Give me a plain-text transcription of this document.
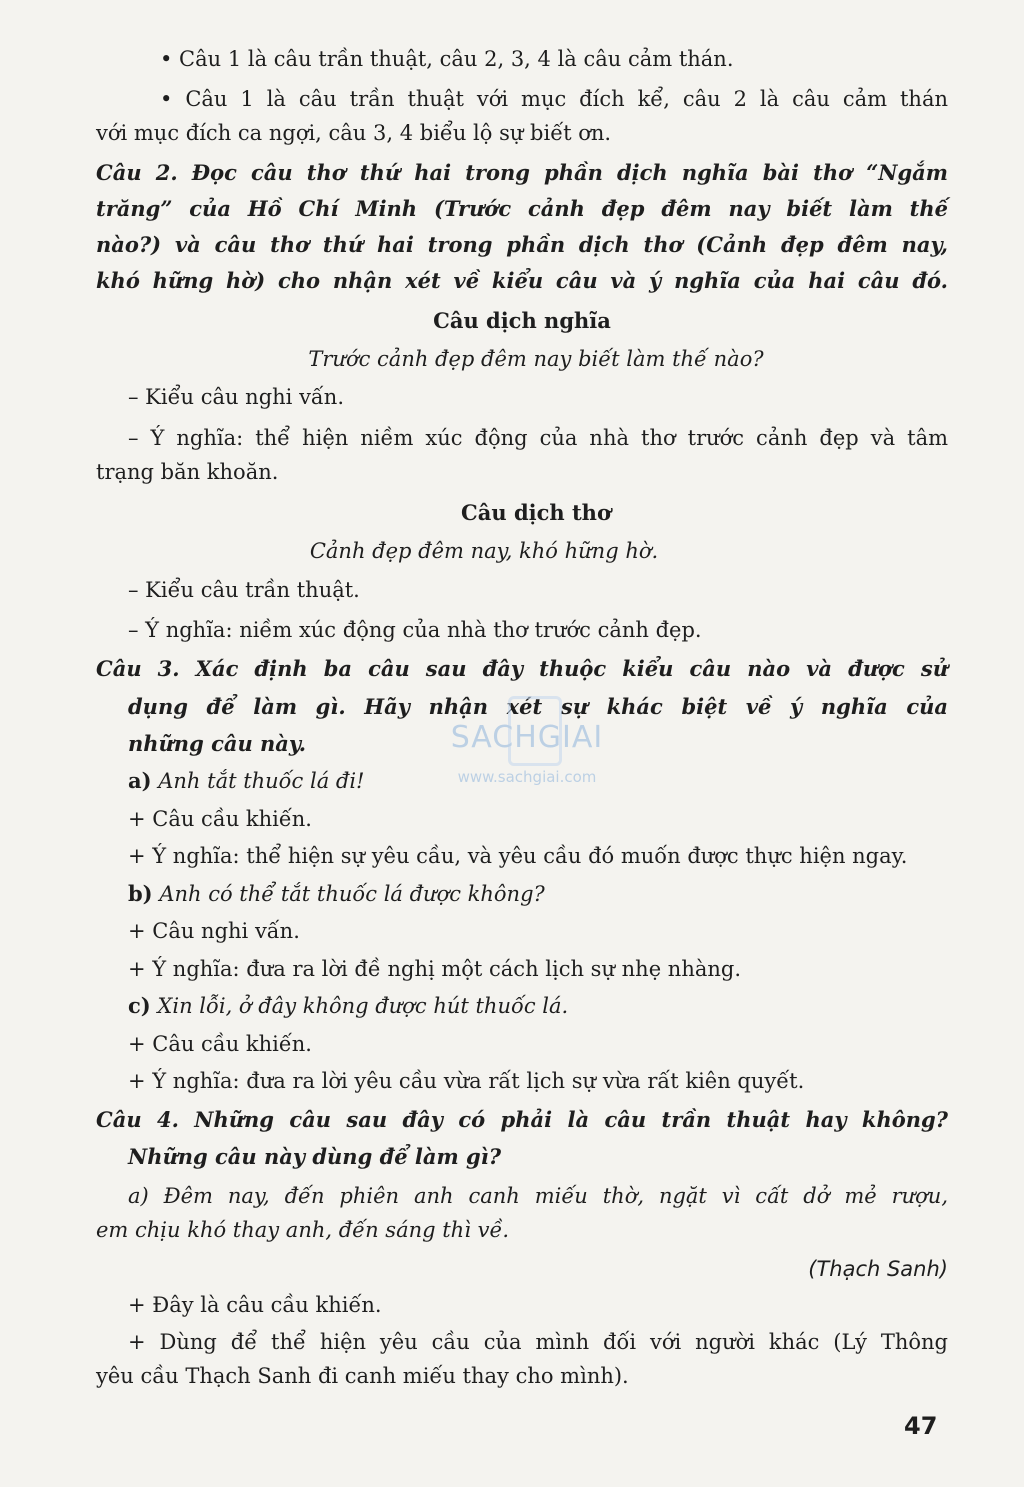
• Câu 1 là câu trần thuật, câu 2, 3, 4 là câu cảm thán.
• Câu 1 là câu trần thuật với mục đích kể, câu 2 là câu cảm thán
với mục đích ca ngợi, câu 3, 4 biểu lộ sự biết ơn.
Câu 2. Đọc câu thơ thứ hai trong phần dịch nghĩa bài thơ “Ngắm
trăng” của Hồ Chí Minh (Trước cảnh đẹp đêm nay biết làm thế
nào?) và câu thơ thứ hai trong phần dịch thơ (Cảnh đẹp đêm nay,
khó hững hờ) cho nhận xét về kiểu câu và ý nghĩa của hai câu đó.
Câu dịch nghĩa
Trước cảnh đẹp đêm nay biết làm thế nào?
– Kiểu câu nghi vấn.
– Ý nghĩa: thể hiện niềm xúc động của nhà thơ trước cảnh đẹp và tâm
trạng băn khoăn.
Câu dịch thơ
Cảnh đẹp đêm nay, khó hững hờ.
– Kiểu câu trần thuật.
– Ý nghĩa: niềm xúc động của nhà thơ trước cảnh đẹp.
Câu 3. Xác định ba câu sau đây thuộc kiểu câu nào và được sử
dụng để làm gì. Hãy nhận xét sự khác biệt về ý nghĩa của
những câu này.
a) Anh tắt thuốc lá đi!
+ Câu cầu khiến.
+ Ý nghĩa: thể hiện sự yêu cầu, và yêu cầu đó muốn được thực hiện ngay.
b) Anh có thể tắt thuốc lá được không?
+ Câu nghi vấn.
+ Ý nghĩa: đưa ra lời đề nghị một cách lịch sự nhẹ nhàng.
c) Xin lỗi, ở đây không được hút thuốc lá.
+ Câu cầu khiến.
+ Ý nghĩa: đưa ra lời yêu cầu vừa rất lịch sự vừa rất kiên quyết.
Câu 4. Những câu sau đây có phải là câu trần thuật hay không?
Những câu này dùng để làm gì?
a) Đêm nay, đến phiên anh canh miếu thờ, ngặt vì cất dở mẻ rượu,
em chịu khó thay anh, đến sáng thì về.
(Thạch Sanh)
+ Đây là câu cầu khiến.
+ Dùng để thể hiện yêu cầu của mình đối với người khác (Lý Thông
yêu cầu Thạch Sanh đi canh miếu thay cho mình).
47
SACHGIAI
www.sachgiai.com
